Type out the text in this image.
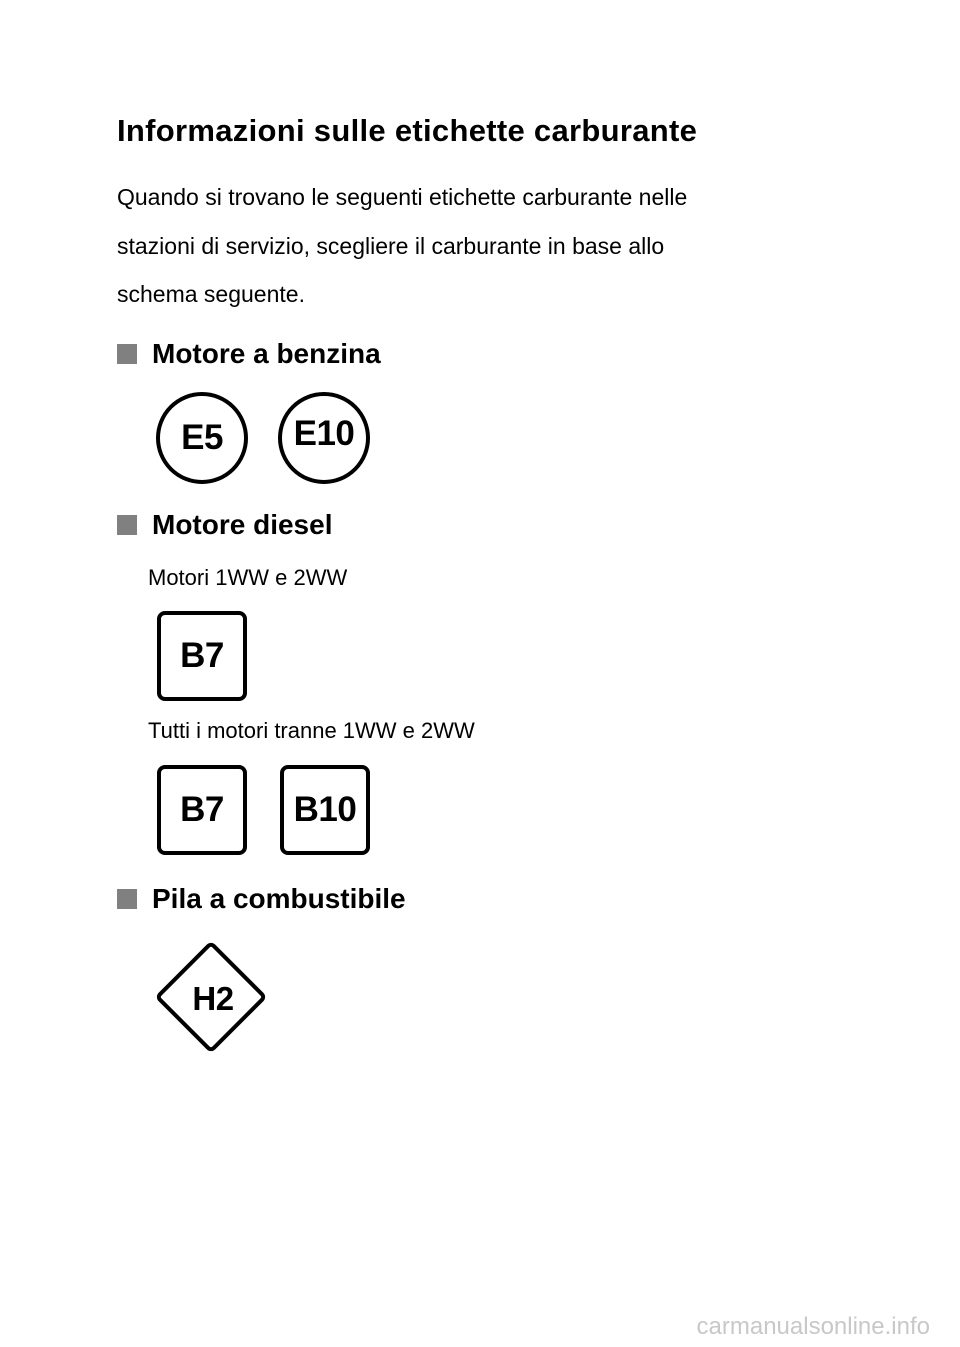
Informazioni sulle etichette carburante
Quando si trovano le seguenti etichette carburante nelle
stazioni di servizio, scegliere il carburante in base allo
schema seguente.
Motore a benzina
E5 E10
Motore diesel
Motori 1WW e 2WW
B7
Tutti i motori tranne 1WW e 2WW
B7 B10
Pila a combustibile
H2
carmanualsonline.info
